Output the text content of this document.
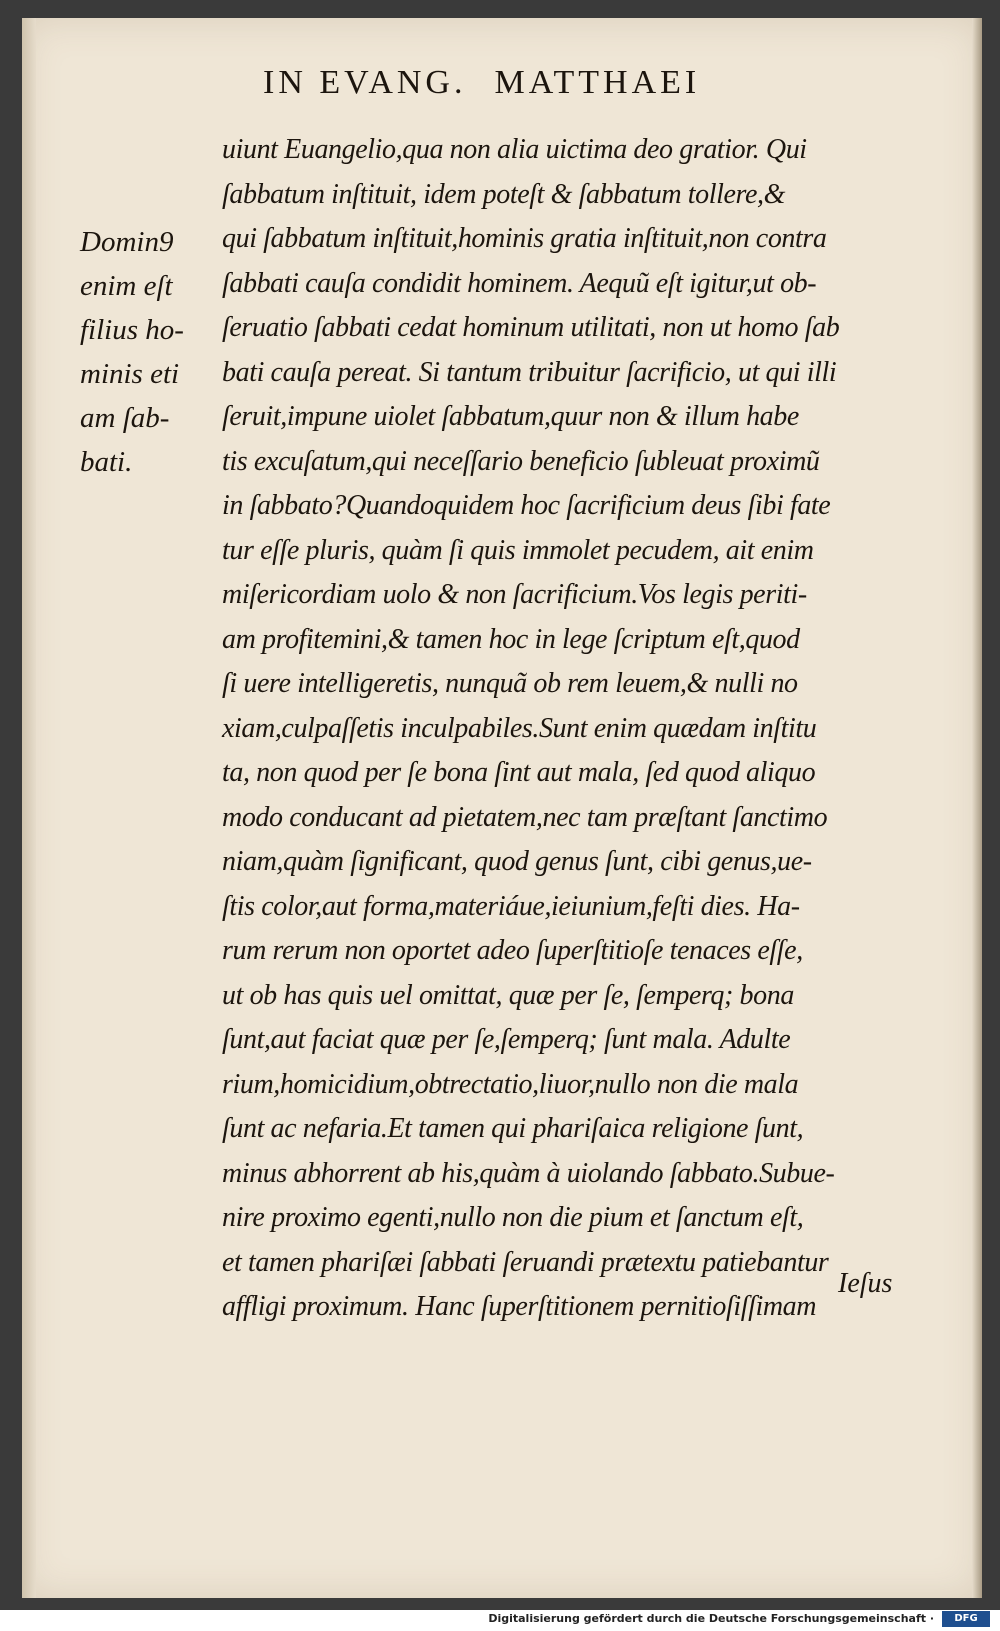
IN EVANG. MATTHAEI
Domin9
enim eſt
filius ho-
minis eti
am ſab-
bati.
uiunt Euangelio,qua non alia uictima deo gratior. Qui
ſabbatum inſtituit, idem poteſt & ſabbatum tollere,&
qui ſabbatum inſtituit,hominis gratia inſtituit,non contra
ſabbati cauſa condidit hominem. Aequũ eſt igitur,ut ob-
ſeruatio ſabbati cedat hominum utilitati, non ut homo ſab
bati cauſa pereat. Si tantum tribuitur ſacrificio, ut qui illi
ſeruit,impune uiolet ſabbatum,quur non & illum habe
tis excuſatum,qui neceſſario beneficio ſubleuat proximũ
in ſabbato?Quandoquidem hoc ſacrificium deus ſibi fate
tur eſſe pluris, quàm ſi quis immolet pecudem, ait enim
miſericordiam uolo & non ſacrificium.Vos legis periti-
am profitemini,& tamen hoc in lege ſcriptum eſt,quod
ſi uere intelligeretis, nunquã ob rem leuem,& nulli no
xiam,culpaſſetis inculpabiles.Sunt enim quædam inſtitu
ta, non quod per ſe bona ſint aut mala, ſed quod aliquo
modo conducant ad pietatem,nec tam præſtant ſanctimo
niam,quàm ſignificant, quod genus ſunt, cibi genus,ue-
ſtis color,aut forma,materiáue,ieiunium,feſti dies. Ha-
rum rerum non oportet adeo ſuperſtitioſe tenaces eſſe,
ut ob has quis uel omittat, quæ per ſe, ſemperq; bona
ſunt,aut faciat quæ per ſe,ſemperq; ſunt mala. Adulte
rium,homicidium,obtrectatio,liuor,nullo non die mala
ſunt ac nefaria.Et tamen qui phariſaica religione ſunt,
minus abhorrent ab his,quàm à uiolando ſabbato.Subue-
nire proximo egenti,nullo non die pium et ſanctum eſt,
et tamen phariſæi ſabbati ſeruandi prætextu patiebantur
affligi proximum. Hanc ſuperſtitionem pernitioſiſſimam
Ieſus
Digitalisierung gefördert durch die Deutsche Forschungsgemeinschaft ·	DFG
